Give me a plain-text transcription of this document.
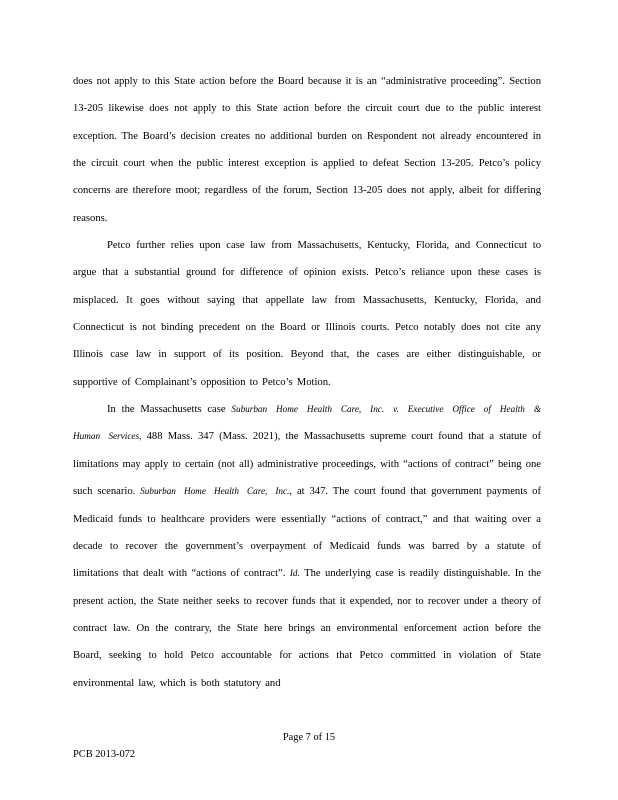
does not apply to this State action before the Board because it is an “administrative proceeding”. Section 13-205 likewise does not apply to this State action before the circuit court due to the public interest exception. The Board’s decision creates no additional burden on Respondent not already encountered in the circuit court when the public interest exception is applied to defeat Section 13-205. Petco’s policy concerns are therefore moot; regardless of the forum, Section 13-205 does not apply, albeit for differing reasons.

Petco further relies upon case law from Massachusetts, Kentucky, Florida, and Connecticut to argue that a substantial ground for difference of opinion exists. Petco’s reliance upon these cases is misplaced. It goes without saying that appellate law from Massachusetts, Kentucky, Florida, and Connecticut is not binding precedent on the Board or Illinois courts. Petco notably does not cite any Illinois case law in support of its position. Beyond that, the cases are either distinguishable, or supportive of Complainant’s opposition to Petco’s Motion.

In the Massachusetts case Suburban Home Health Care, Inc. v. Executive Office of Health & Human Services, 488 Mass. 347 (Mass. 2021), the Massachusetts supreme court found that a statute of limitations may apply to certain (not all) administrative proceedings, with “actions of contract” being one such scenario. Suburban Home Health Care, Inc., at 347. The court found that government payments of Medicaid funds to healthcare providers were essentially “actions of contract,” and that waiting over a decade to recover the government’s overpayment of Medicaid funds was barred by a statute of limitations that dealt with “actions of contract”. Id. The underlying case is readily distinguishable. In the present action, the State neither seeks to recover funds that it expended, nor to recover under a theory of contract law. On the contrary, the State here brings an environmental enforcement action before the Board, seeking to hold Petco accountable for actions that Petco committed in violation of State environmental law, which is both statutory and

Page 7 of 15
PCB 2013-072
